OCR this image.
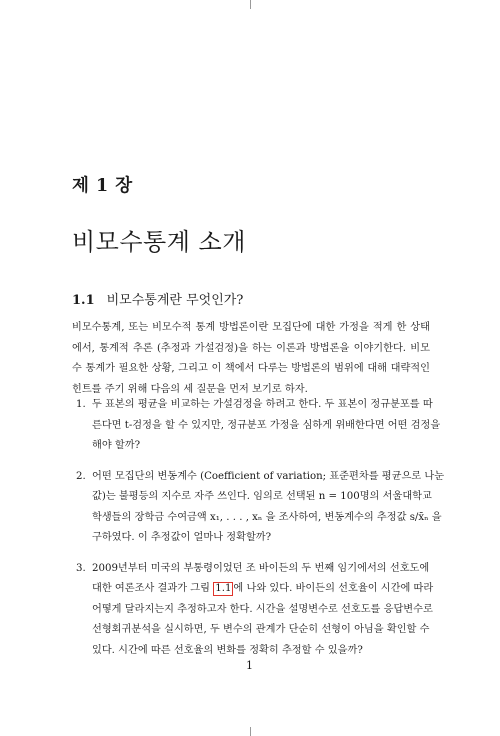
제 1 장
비모수통계 소개
1.1 비모수통계란 무엇인가?
비모수통계, 또는 비모수적 통계 방법론이란 모집단에 대한 가정을 적게 한 상태에서, 통계적 추론 (추정과 가설검정)을 하는 이론과 방법론을 이야기한다. 비모수 통계가 필요한 상황, 그리고 이 책에서 다루는 방법론의 범위에 대해 대략적인 힌트를 주기 위해 다음의 세 질문을 먼저 보기로 하자.
1. 두 표본의 평균을 비교하는 가설검정을 하려고 한다. 두 표본이 정규분포를 따
른다면 t-검정을 할 수 있지만, 정규분포 가정을 심하게 위배한다면 어떤 검정을
해야 할까?
2. 어떤 모집단의 변동계수 (Coefficient of variation; 표준편차를 평균으로 나눈
값)는 불평등의 지수로 자주 쓰인다. 임의로 선택된 n = 100명의 서울대학교
학생들의 장학금 수여금액 x₁, . . . , xₙ 을 조사하여, 변동계수의 추정값 s/x̄ₙ 을
구하였다. 이 추정값이 얼마나 정확할까?
3. 2009년부터 미국의 부통령이었던 조 바이든의 두 번째 임기에서의 선호도에
대한 여론조사 결과가 그림 1.1 에 나와 있다. 바이든의 선호율이 시간에 따라
어떻게 달라지는지 추정하고자 한다. 시간을 설명변수로 선호도를 응답변수로
선형회귀분석을 실시하면, 두 변수의 관계가 단순히 선형이 아님을 확인할 수
있다. 시간에 따른 선호율의 변화를 정확히 추정할 수 있을까?
1
